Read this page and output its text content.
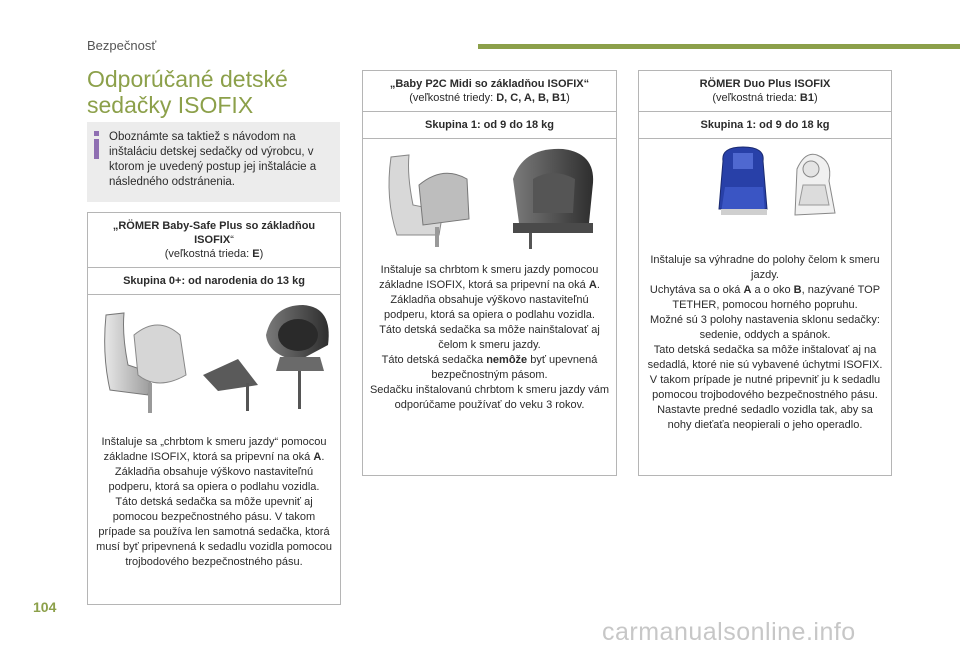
Bezpečnosť
Odporúčané detské
sedačky ISOFIX
Oboznámte sa taktiež s návodom na inštaláciu detskej sedačky od výrobcu, v ktorom je uvedený postup jej inštalácie a následného odstránenia.
„RÖMER Baby-Safe Plus so základňou
ISOFIX“
(veľkostná trieda: E)
Skupina 0+: od narodenia do 13 kg
Inštaluje sa „chrbtom k smeru jazdy“ pomocou základne ISOFIX, ktorá sa pripevní na oká A.
Základňa obsahuje výškovo nastaviteľnú podperu, ktorá sa opiera o podlahu vozidla.
Táto detská sedačka sa môže upevniť aj pomocou bezpečnostného pásu. V takom prípade sa používa len samotná sedačka, ktorá musí byť pripevnená k sedadlu vozidla pomocou trojbodového bezpečnostného pásu.
„Baby P2C Midi so základňou ISOFIX“
(veľkostné triedy: D, C, A, B, B1)
Skupina 1: od 9 do 18 kg
Inštaluje sa chrbtom k smeru jazdy pomocou základne ISOFIX, ktorá sa pripevní na oká A.
Základňa obsahuje výškovo nastaviteľnú podperu, ktorá sa opiera o podlahu vozidla.
Táto detská sedačka sa môže nainštalovať aj čelom k smeru jazdy.
Táto detská sedačka nemôže byť upevnená bezpečnostným pásom.
Sedačku inštalovanú chrbtom k smeru jazdy vám odporúčame používať do veku 3 rokov.
RÖMER Duo Plus ISOFIX
(veľkostná trieda: B1)
Skupina 1: od 9 do 18 kg
Inštaluje sa výhradne do polohy čelom k smeru jazdy.
Uchytáva sa o oká A a o oko B, nazývané TOP TETHER, pomocou horného popruhu.
Možné sú 3 polohy nastavenia sklonu sedačky: sedenie, oddych a spánok.
Tato detská sedačka sa môže inštalovať aj na sedadlá, ktoré nie sú vybavené úchytmi ISOFIX. V takom prípade je nutné pripevniť ju k sedadlu pomocou trojbodového bezpečnostného pásu. Nastavte predné sedadlo vozidla tak, aby sa nohy dieťaťa neopierali o jeho operadlo.
104
carmanualsonline.info
